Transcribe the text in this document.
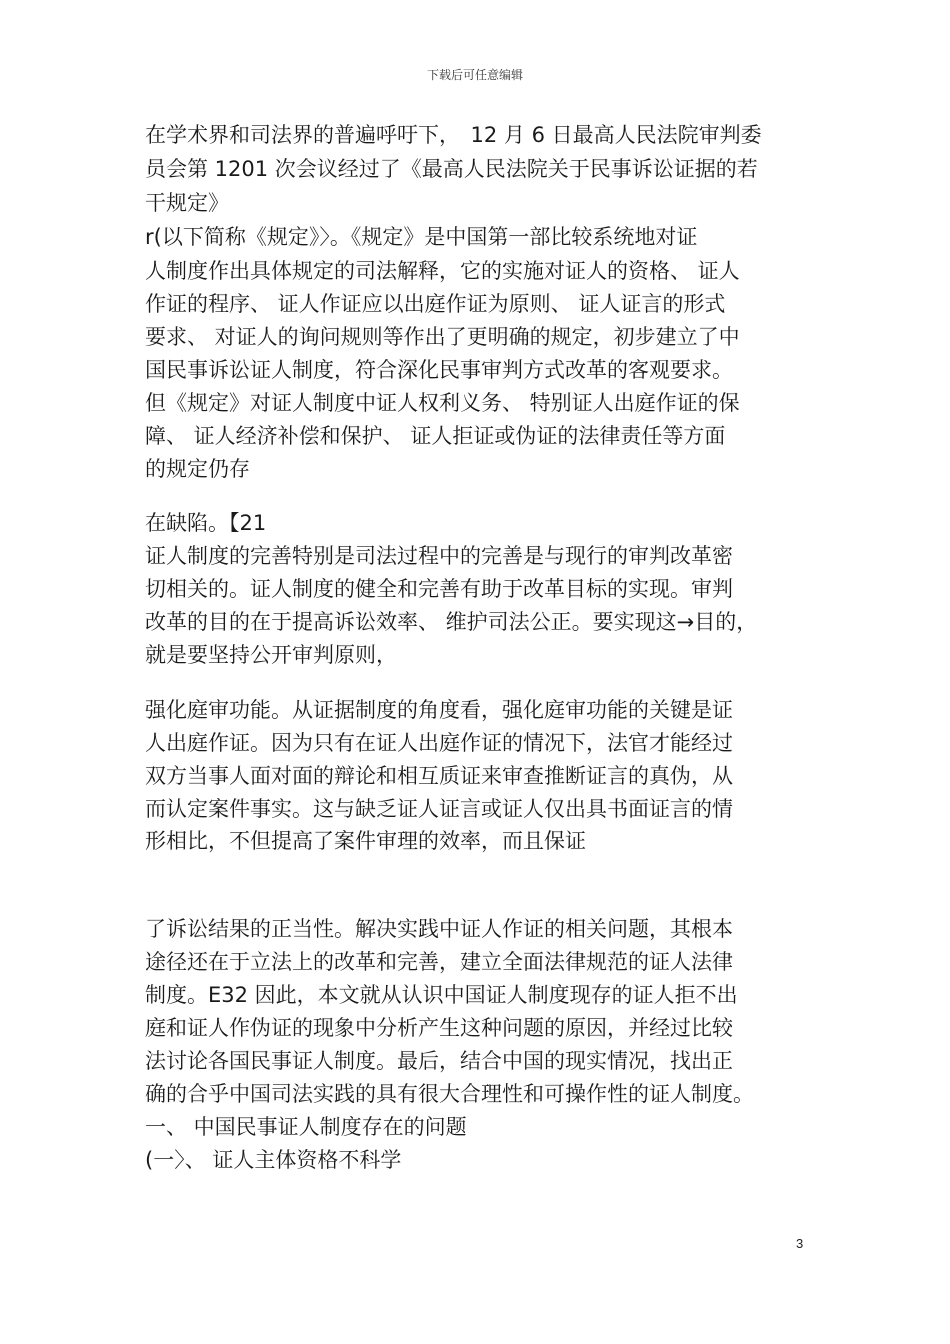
下载后可任意编辑
在学术界和司法界的普遍呼吁下，　12 月 6 日最高人民法院审判委
员会第 1201 次会议经过了《最高人民法院关于民事诉讼证据的若
干规定》
r(以下简称《规定》〉。《规定》是中国第一部比较系统地对证
人制度作出具体规定的司法解释，它的实施对证人的资格、 证人
作证的程序、 证人作证应以出庭作证为原则、 证人证言的形式
要求、 对证人的询问规则等作出了更明确的规定，初步建立了中
国民事诉讼证人制度，符合深化民事审判方式改革的客观要求。
但《规定》对证人制度中证人权利义务、 特别证人出庭作证的保
障、 证人经济补偿和保护、 证人拒证或伪证的法律责任等方面
的规定仍存
在缺陷。【21
证人制度的完善特别是司法过程中的完善是与现行的审判改革密
切相关的。证人制度的健全和完善有助于改革目标的实现。审判
改革的目的在于提高诉讼效率、 维护司法公正。要实现这→目的，
就是要坚持公开审判原则，
强化庭审功能。从证据制度的角度看，强化庭审功能的关键是证
人出庭作证。因为只有在证人出庭作证的情况下，法官才能经过
双方当事人面对面的辩论和相互质证来审查推断证言的真伪，从
而认定案件事实。这与缺乏证人证言或证人仅出具书面证言的情
形相比，不但提高了案件审理的效率，而且保证
了诉讼结果的正当性。解决实践中证人作证的相关问题，其根本
途径还在于立法上的改革和完善，建立全面法律规范的证人法律
制度。E32 因此，本文就从认识中国证人制度现存的证人拒不出
庭和证人作伪证的现象中分析产生这种问题的原因，并经过比较
法讨论各国民事证人制度。最后，结合中国的现实情况，找出正
确的合乎中国司法实践的具有很大合理性和可操作性的证人制度。
一、 中国民事证人制度存在的问题
(一〉、 证人主体资格不科学
3
